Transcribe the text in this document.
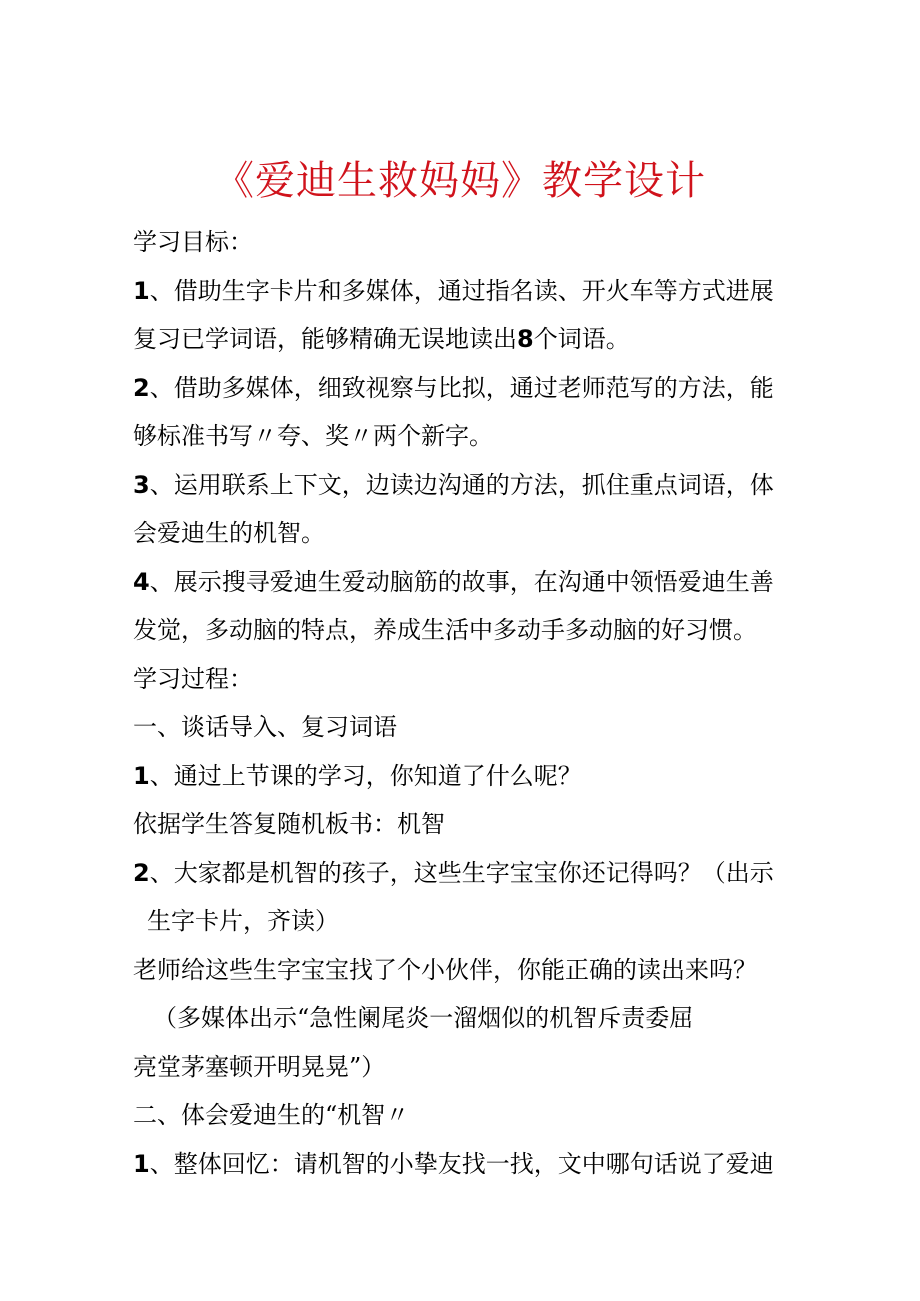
《爱迪生救妈妈》教学设计

学习目标：

1、借助生字卡片和多媒体，通过指名读、开火车等方式进展

复习已学词语，能够精确无误地读出8个词语。

2、借助多媒体，细致视察与比拟，通过老师范写的方法，能

够标准书写〃夸、奖〃两个新字。

3、运用联系上下文，边读边沟通的方法，抓住重点词语，体

会爱迪生的机智。

4、展示搜寻爱迪生爱动脑筋的故事，在沟通中领悟爱迪生善

发觉，多动脑的特点，养成生活中多动手多动脑的好习惯。

学习过程：

一、谈话导入、复习词语

1、通过上节课的学习，你知道了什么呢？

依据学生答复随机板书：机智

2、大家都是机智的孩子，这些生字宝宝你还记得吗？（出示

生字卡片，齐读）

老师给这些生字宝宝找了个小伙伴，你能正确的读出来吗？

（多媒体出示“急性阑尾炎一溜烟似的机智斥责委屈

亮堂茅塞顿开明晃晃”）

二、体会爱迪生的“机智〃

1、整体回忆：请机智的小挚友找一找，文中哪句话说了爱迪
